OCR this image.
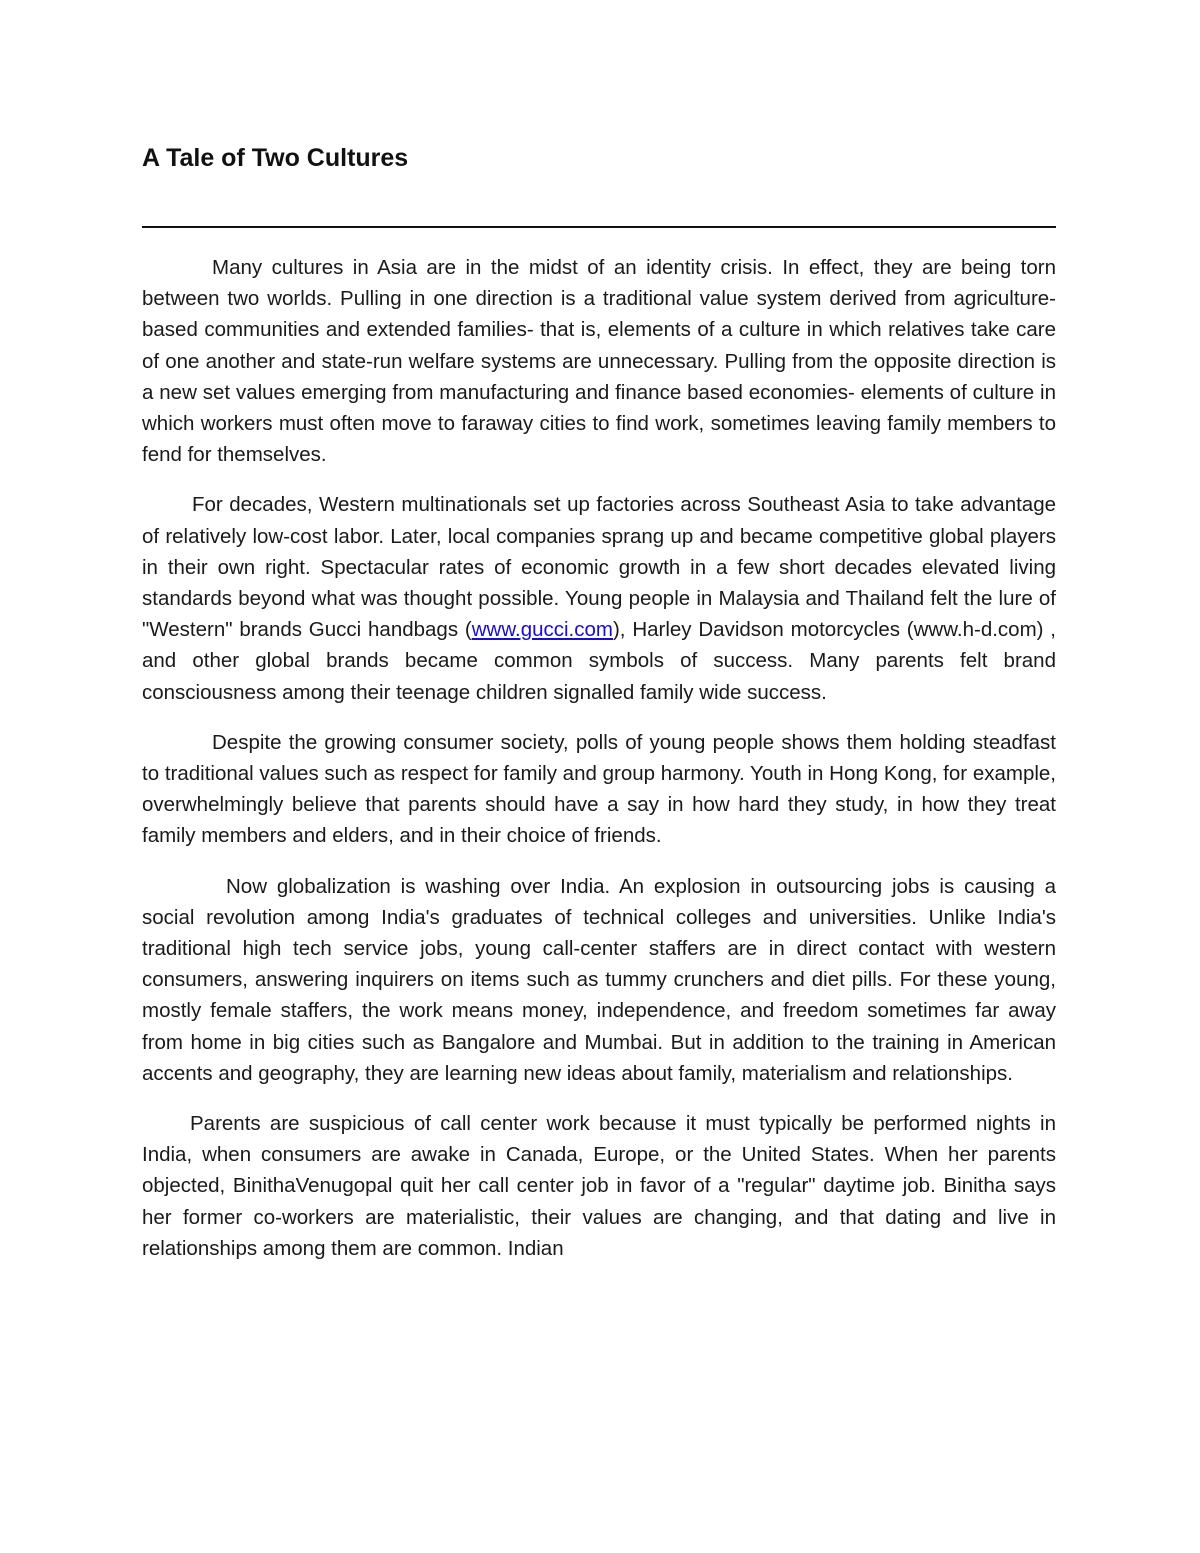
A Tale of Two Cultures

Many cultures in Asia are in the midst of an identity crisis. In effect, they are being torn between two worlds. Pulling in one direction is a traditional value system derived from agriculture-based communities and extended families- that is, elements of a culture in which relatives take care of one another and state-run welfare systems are unnecessary. Pulling from the opposite direction is a new set values emerging from manufacturing and finance based economies- elements of culture in which workers must often move to faraway cities to find work, sometimes leaving family members to fend for themselves.

For decades, Western multinationals set up factories across Southeast Asia to take advantage of relatively low-cost labor. Later, local companies sprang up and became competitive global players in their own right. Spectacular rates of economic growth in a few short decades elevated living standards beyond what was thought possible. Young people in Malaysia and Thailand felt the lure of "Western" brands Gucci handbags (www.gucci.com), Harley Davidson motorcycles (www.h-d.com) , and other global brands became common symbols of success. Many parents felt brand consciousness among their teenage children signalled family wide success.

Despite the growing consumer society, polls of young people shows them holding steadfast to traditional values such as respect for family and group harmony. Youth in Hong Kong, for example, overwhelmingly believe that parents should have a say in how hard they study, in how they treat family members and elders, and in their choice of friends.

Now globalization is washing over India. An explosion in outsourcing jobs is causing a social revolution among India's graduates of technical colleges and universities. Unlike India's traditional high tech service jobs, young call-center staffers are in direct contact with western consumers, answering inquirers on items such as tummy crunchers and diet pills. For these young, mostly female staffers, the work means money, independence, and freedom sometimes far away from home in big cities such as Bangalore and Mumbai. But in addition to the training in American accents and geography, they are learning new ideas about family, materialism and relationships.

Parents are suspicious of call center work because it must typically be performed nights in India, when consumers are awake in Canada, Europe, or the United States. When her parents objected, BinithaVenugopal quit her call center job in favor of a "regular" daytime job. Binitha says her former co-workers are materialistic, their values are changing, and that dating and live in relationships among them are common. Indian
